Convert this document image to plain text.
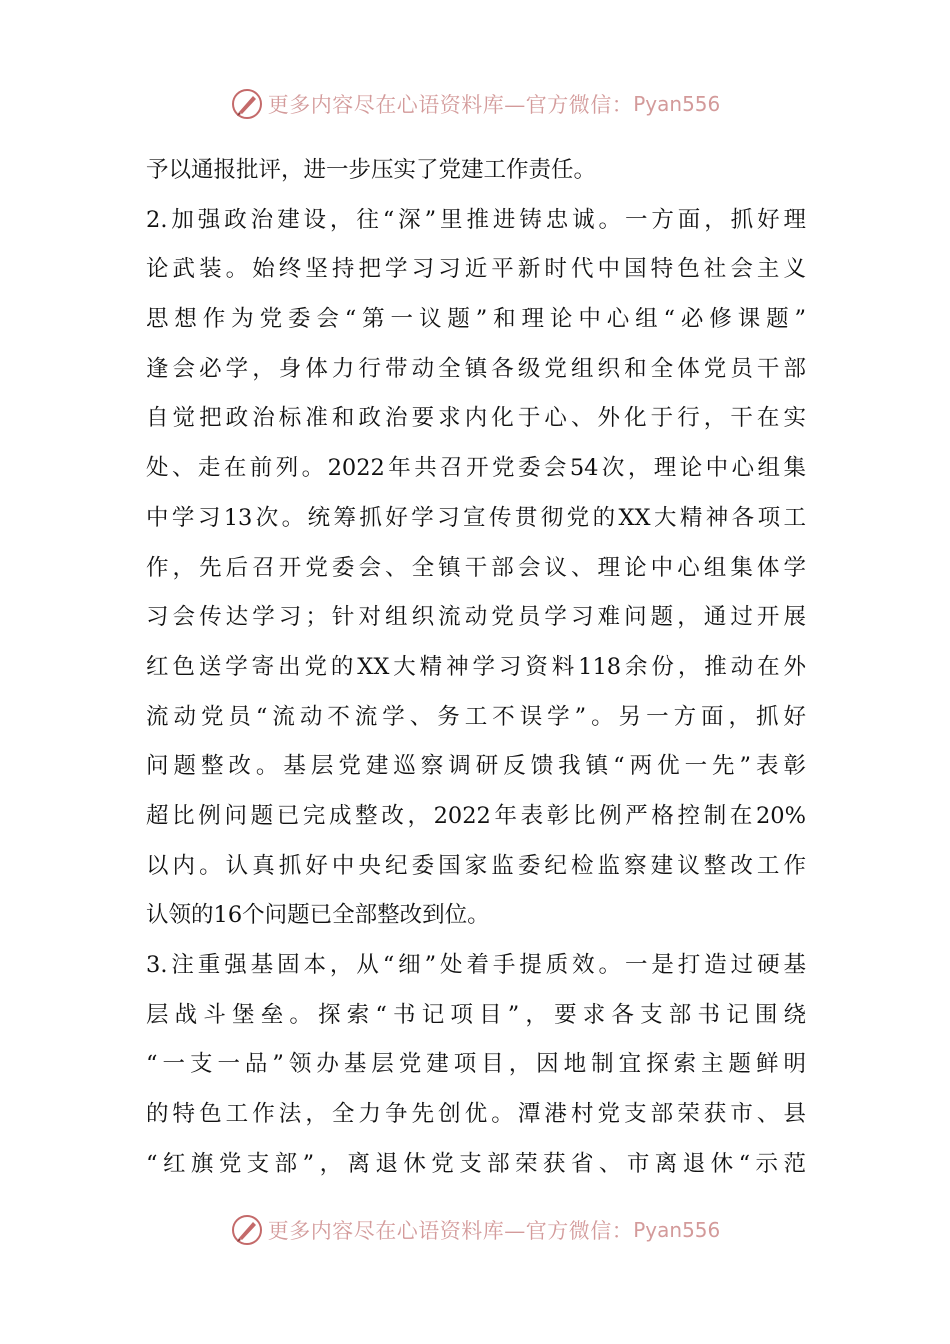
更多内容尽在心语资料库—官方微信： Pyan556
予以通报批评，进一步压实了党建工作责任。
2.加强政治建设，往“深”里推进铸忠诚。一方面，抓好理
论武装。始终坚持把学习习近平新时代中国特色社会主义
思想作为党委会“第一议题”和理论中心组“必修课题”
逢会必学，身体力行带动全镇各级党组织和全体党员干部
自觉把政治标准和政治要求内化于心、外化于行，干在实
处、走在前列。2022年共召开党委会54次，理论中心组集
中学习13次。统筹抓好学习宣传贯彻党的XX大精神各项工
作，先后召开党委会、全镇干部会议、理论中心组集体学
习会传达学习；针对组织流动党员学习难问题，通过开展
红色送学寄出党的XX大精神学习资料118余份，推动在外
流动党员“流动不流学、务工不误学”。另一方面，抓好
问题整改。基层党建巡察调研反馈我镇“两优一先”表彰
超比例问题已完成整改，2022年表彰比例严格控制在20%
以内。认真抓好中央纪委国家监委纪检监察建议整改工作
认领的16个问题已全部整改到位。
3.注重强基固本，从“细”处着手提质效。一是打造过硬基
层战斗堡垒。探索“书记项目”，要求各支部书记围绕
“一支一品”领办基层党建项目，因地制宜探索主题鲜明
的特色工作法，全力争先创优。潭港村党支部荣获市、县
“红旗党支部”，离退休党支部荣获省、市离退休“示范
更多内容尽在心语资料库—官方微信： Pyan556
